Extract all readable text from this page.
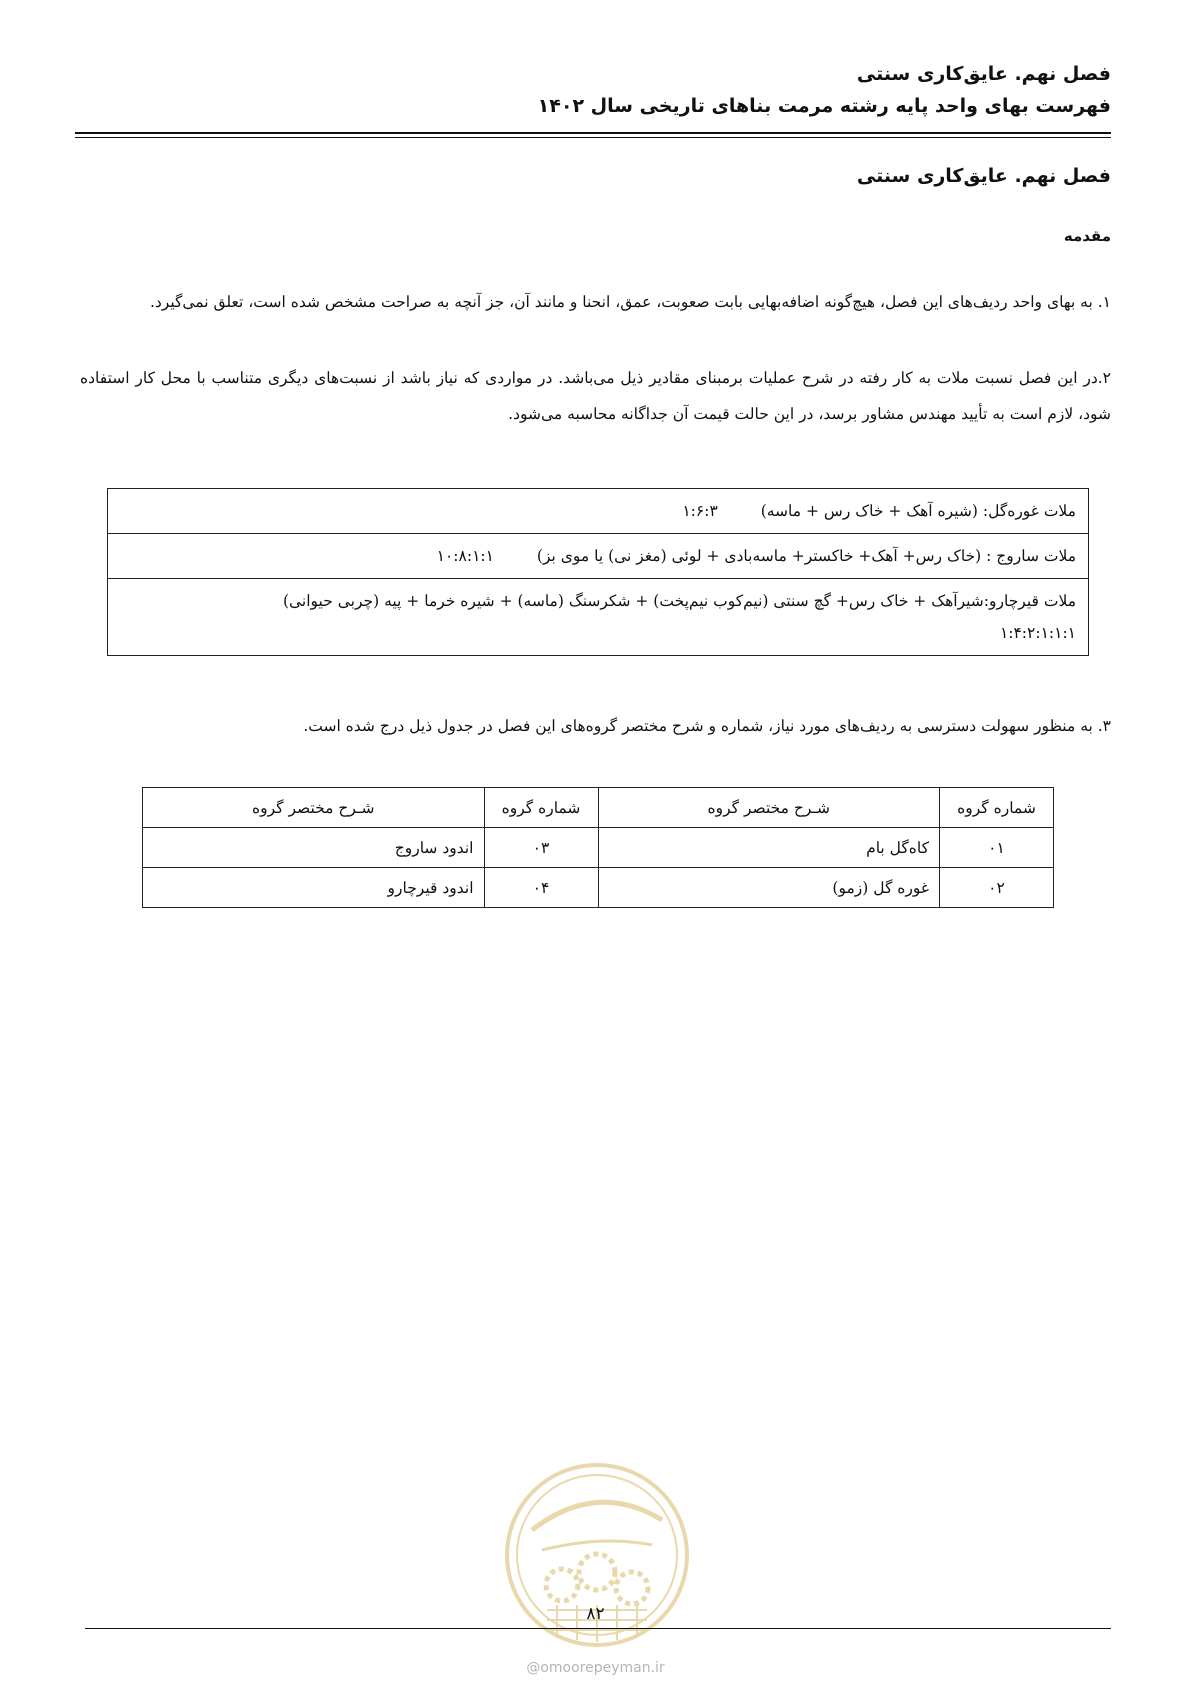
فصل نهم. عایق‌کاری سنتی
فهرست بهای واحد پایه رشته مرمت بناهای تاریخی سال ۱۴۰۲
فصل نهم. عایق‌کاری سنتی
مقدمه
۱. به بهای واحد ردیف‌های این فصل، هیچ‌گونه اضافه‌بهایی بابت صعوبت، عمق، انحنا و مانند آن، جز آنچه به صراحت مشخص شده است، تعلق نمی‌گیرد.
۲.در این فصل نسبت ملات به کار رفته در شرح عملیات برمبنای مقادیر ذیل می‌باشد. در مواردی که نیاز باشد از نسبت‌های دیگری متناسب با محل کار استفاده شود، لازم است به تأیید مهندس مشاور برسد، در این حالت قیمت آن جداگانه محاسبه می‌شود.
ملات غوره‌گل: (شیره آهک + خاک رس + ماسه) ۱:۶:۳
ملات ساروج : (خاک رس+ آهک+ خاکستر+ ماسه‌بادی + لوئی (مغز نی) یا موی بز) ۱۰:۸:۱:۱
ملات قیرچارو:شیرآهک + خاک رس+ گچ سنتی (نیم‌کوب نیم‌پخت) + شکرسنگ (ماسه) + شیره خرما + پیه (چربی حیوانی)
۱:۴:۲:۱:۱:۱
۳. به منظور سهولت دسترسی به ردیف‌های مورد نیاز، شماره و شرح مختصر گروه‌های این فصل در جدول ذیل درج شده است.
شماره گروه	شـرح مختصر گروه	شماره گروه	شـرح مختصر گروه
۰۱	کاه‌گل بام	۰۳	اندود ساروج
۰۲	غوره گل (زمو)	۰۴	اندود قیرچارو
۸۲
@omoorepeyman.ir
